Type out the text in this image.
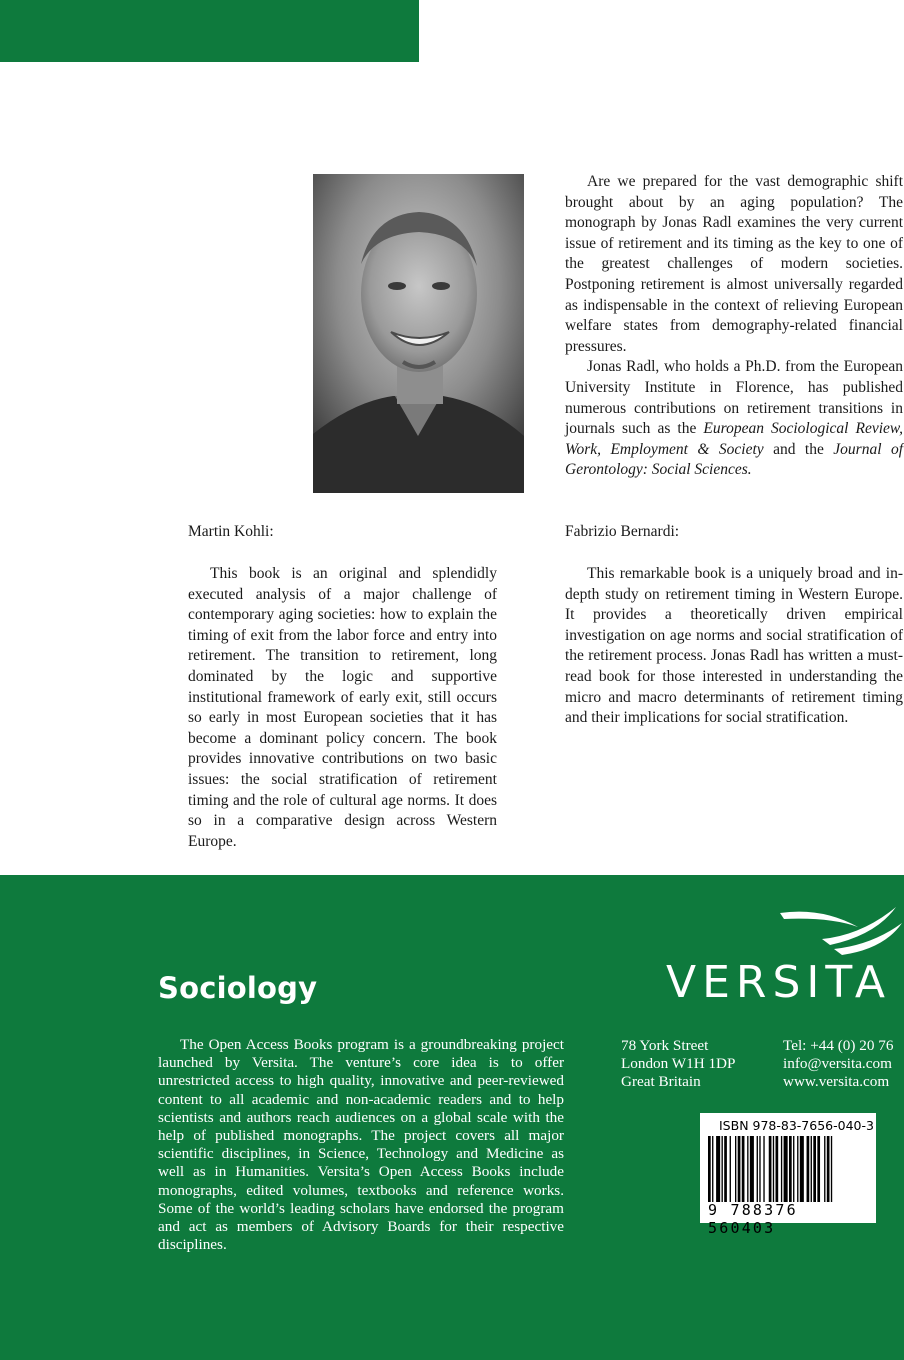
Are we prepared for the vast demographic shift brought about by an aging population? The monograph by Jonas Radl examines the very current issue of retirement and its timing as the key to one of the greatest challenges of modern societies. Postponing retirement is almost universally regarded as indispensable in the context of relieving European welfare states from demography-related financial pressures.

Jonas Radl, who holds a Ph.D. from the European University Institute in Florence, has published numerous contributions on retirement transitions in journals such as the European Sociological Review, Work, Employment & Society and the Journal of Gerontology: Social Sciences.

Martin Kohli:

This book is an original and splendidly executed analysis of a major challenge of contemporary aging societies: how to explain the timing of exit from the labor force and entry into retirement. The transition to retirement, long dominated by the logic and supportive institutional framework of early exit, still occurs so early in most European societies that it has become a dominant policy concern. The book provides innovative contributions on two basic issues: the social stratification of retirement timing and the role of cultural age norms. It does so in a comparative design across Western Europe.

Fabrizio Bernardi:

This remarkable book is a uniquely broad and in-depth study on retirement timing in Western Europe. It provides a theoretically driven empirical investigation on age norms and social stratification of the retirement process. Jonas Radl has written a must-read book for those interested in understanding the micro and macro determinants of retirement timing and their implications for social stratification.

Sociology
The Open Access Books program is a groundbreaking project launched by Versita. The venture’s core idea is to offer unrestricted access to high quality, innovative and peer-reviewed content to all academic and non-academic readers and to help scientists and authors reach audiences on a global scale with the help of published monographs. The project covers all major scientific disciplines, in Science, Technology and Medicine as well as in Humanities. Versita’s Open Access Books include monographs, edited volumes, textbooks and reference works. Some of the world’s leading scholars have endorsed the program and act as members of Advisory Boards for their respective disciplines.
VERSITA
78 York Street
London W1H 1DP
Great Britain
Tel: +44 (0) 20 76
info@versita.com
www.versita.com
ISBN 978-83-7656-040-3
9 788376 560403
